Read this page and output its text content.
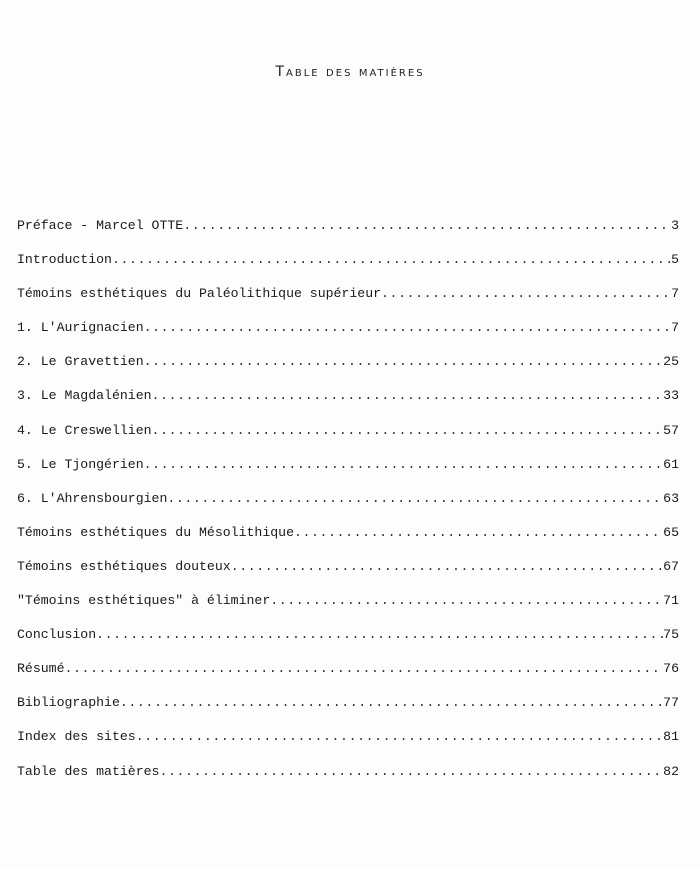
Table des matières
Préface - Marcel OTTE .....	3
Introduction .....	5
Témoins esthétiques du Paléolithique supérieur .....	7
1. L'Aurignacien .....	7
2. Le Gravettien .....	25
3. Le Magdalénien .....	33
4. Le Creswellien .....	57
5. Le Tjongérien .....	61
6. L'Ahrensbourgien .....	63
Témoins esthétiques du Mésolithique .....	65
Témoins esthétiques douteux .....	67
"Témoins esthétiques" à éliminer .....	71
Conclusion .....	75
Résumé .....	76
Bibliographie .....	77
Index des sites .....	81
Table des matières .....	82
